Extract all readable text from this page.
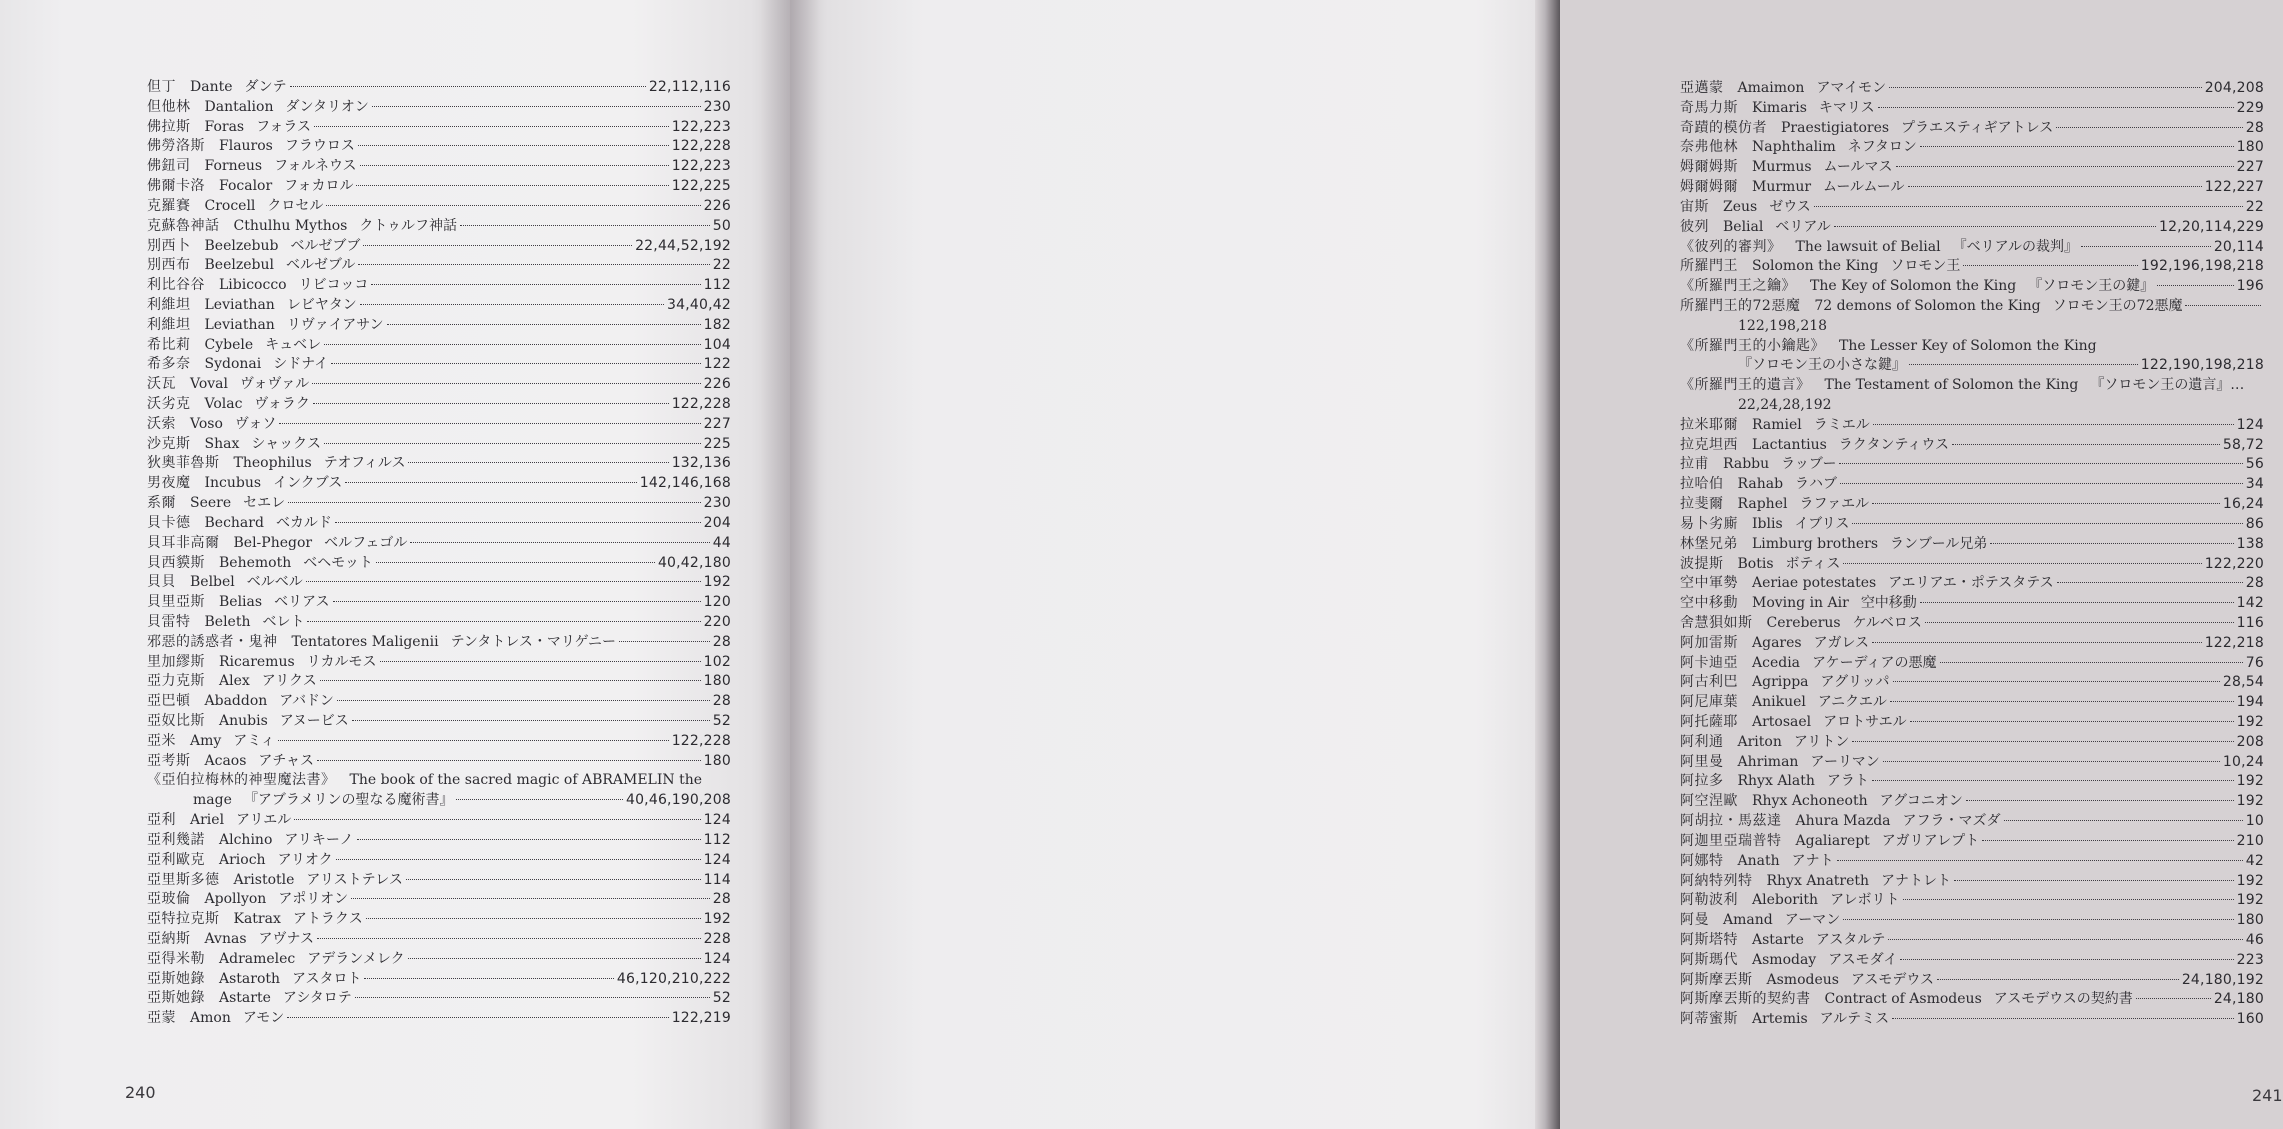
但丁 Dante ダンテ	22,112,116
但他林 Dantalion ダンタリオン	230
佛拉斯 Foras フォラス	122,223
佛勞洛斯 Flauros フラウロス	122,228
佛鈕司 Forneus フォルネウス	122,223
佛爾卡洛 Focalor フォカロル	122,225
克羅賽 Crocell クロセル	226
克蘇魯神話 Cthulhu Mythos クトゥルフ神話	50
別西卜 Beelzebub ベルゼブブ	22,44,52,192
別西布 Beelzebul ベルゼブル	22
利比谷谷 Libicocco リビコッコ	112
利維坦 Leviathan レビヤタン	34,40,42
利維坦 Leviathan リヴァイアサン	182
希比莉 Cybele キュベレ	104
希多奈 Sydonai シドナイ	122
沃瓦 Voval ヴォヴァル	226
沃劣克 Volac ヴォラク	122,228
沃索 Voso ヴォソ	227
沙克斯 Shax シャックス	225
狄奧菲魯斯 Theophilus テオフィルス	132,136
男夜魔 Incubus インクブス	142,146,168
系爾 Seere セエレ	230
貝卡德 Bechard ベカルド	204
貝耳非高爾 Bel-Phegor ベルフェゴル	44
貝西貘斯 Behemoth ベヘモット	40,42,180
貝貝 Belbel ベルベル	192
貝里亞斯 Belias ベリアス	120
貝雷特 Beleth ベレト	220
邪惡的誘惑者・鬼神 Tentatores Maligenii テンタトレス・マリゲニー	28
里加繆斯 Ricaremus リカルモス	102
亞力克斯 Alex アリクス	180
亞巴頓 Abaddon アバドン	28
亞奴比斯 Anubis アヌービス	52
亞米 Amy アミィ	122,228
亞考斯 Acaos アチャス	180
《亞伯拉梅林的神聖魔法書》 The book of the sacred magic of ABRAMELIN the
mage 『アブラメリンの聖なる魔術書』	40,46,190,208
亞利 Ariel アリエル	124
亞利幾諾 Alchino アリキーノ	112
亞利歐克 Arioch アリオク	124
亞里斯多德 Aristotle アリストテレス	114
亞玻倫 Apollyon アポリオン	28
亞特拉克斯 Katrax アトラクス	192
亞納斯 Avnas アヴナス	228
亞得米勒 Adramelec アデランメレク	124
亞斯她錄 Astaroth アスタロト	46,120,210,222
亞斯她錄 Astarte アシタロテ	52
亞蒙 Amon アモン	122,219
240
亞邁蒙 Amaimon アマイモン	204,208
奇馬力斯 Kimaris キマリス	229
奇蹟的模仿者 Praestigiatores プラエスティギアトレス	28
奈弗他林 Naphthalim ネフタロン	180
姆爾姆斯 Murmus ムールマス	227
姆爾姆爾 Murmur ムールムール	122,227
宙斯 Zeus ゼウス	22
彼列 Belial ベリアル	12,20,114,229
《彼列的審判》 The lawsuit of Belial 『ベリアルの裁判』	20,114
所羅門王 Solomon the King ソロモン王	192,196,198,218
《所羅門王之鑰》 The Key of Solomon the King 『ソロモン王の鍵』	196
所羅門王的72惡魔 72 demons of Solomon the King ソロモン王の72悪魔
122,198,218
《所羅門王的小鑰匙》 The Lesser Key of Solomon the King
『ソロモン王の小さな鍵』	122,190,198,218
《所羅門王的遺言》 The Testament of Solomon the King 『ソロモン王の遺言』 ...
22,24,28,192
拉米耶爾 Ramiel ラミエル	124
拉克坦西 Lactantius ラクタンティウス	58,72
拉甫 Rabbu ラッブー	56
拉哈伯 Rahab ラハブ	34
拉斐爾 Raphel ラファエル	16,24
易卜劣廝 Iblis イブリス	86
林堡兄弟 Limburg brothers ランブール兄弟	138
波提斯 Botis ボティス	122,220
空中軍勢 Aeriae potestates アエリアエ・ポテスタテス	28
空中移動 Moving in Air 空中移動	142
舍慧狽如斯 Cereberus ケルベロス	116
阿加雷斯 Agares アガレス	122,218
阿卡迪亞 Acedia アケーディアの悪魔	76
阿古利巴 Agrippa アグリッパ	28,54
阿尼庫葉 Anikuel アニクエル	194
阿托薩耶 Artosael アロトサエル	192
阿利通 Ariton アリトン	208
阿里曼 Ahriman アーリマン	10,24
阿拉多 Rhyx Alath アラト	192
阿空涅歐 Rhyx Achoneoth アグコニオン	192
阿胡拉・馬茲達 Ahura Mazda アフラ・マズダ	10
阿迦里亞瑞普特 Agaliarept アガリアレプト	210
阿娜特 Anath アナト	42
阿納特列特 Rhyx Anatreth アナトレト	192
阿勒波利 Aleborith アレボリト	192
阿曼 Amand アーマン	180
阿斯塔特 Astarte アスタルテ	46
阿斯瑪代 Asmoday アスモダイ	223
阿斯摩丟斯 Asmodeus アスモデウス	24,180,192
阿斯摩丟斯的契約書 Contract of Asmodeus アスモデウスの契約書	24,180
阿蒂蜜斯 Artemis アルテミス	160
241
